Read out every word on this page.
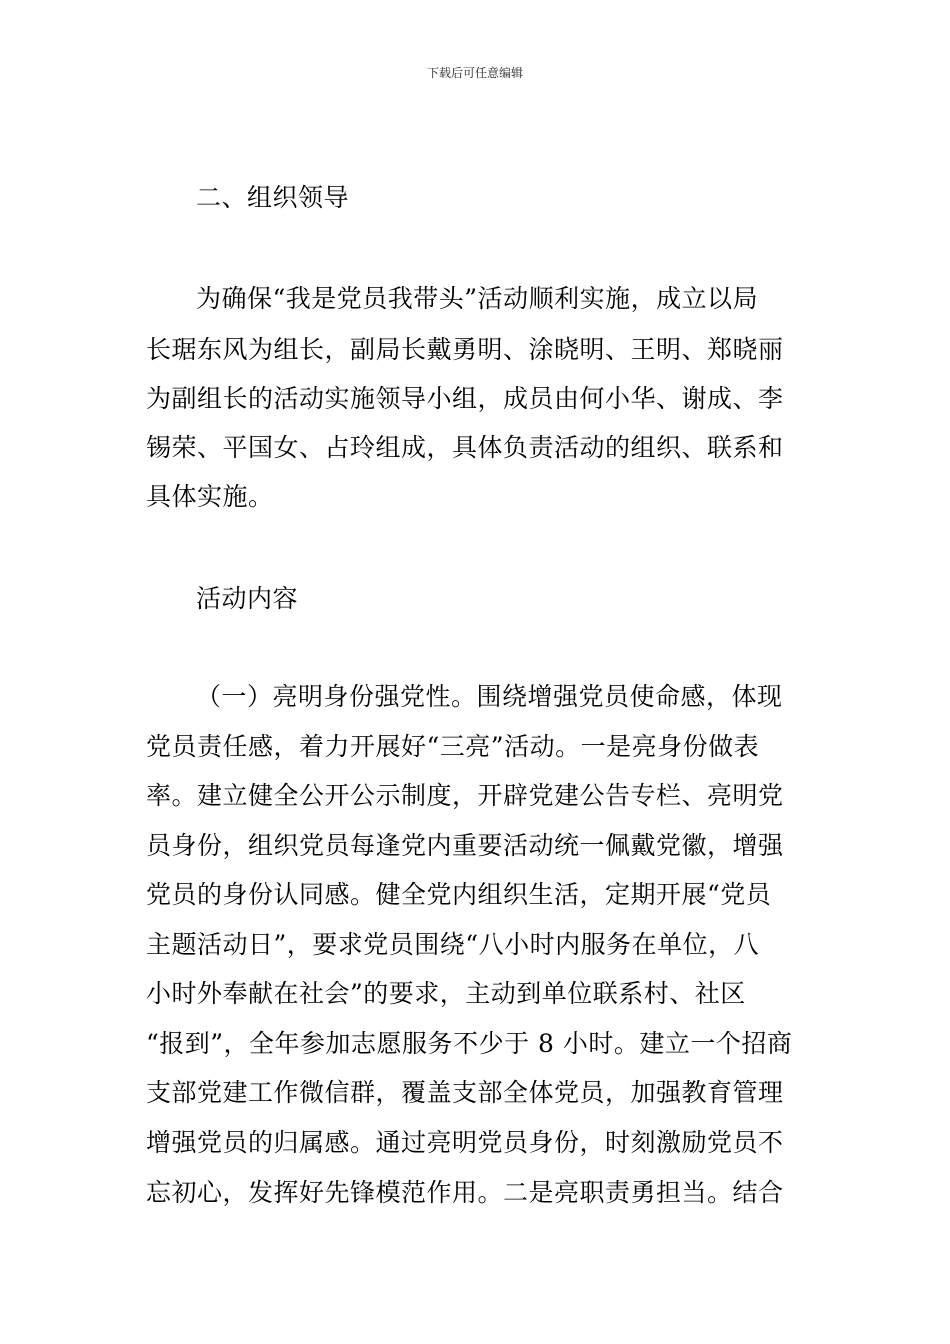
下载后可任意编辑
二、组织领导
为确保“我是党员我带头”活动顺利实施，成立以局
长琚东风为组长，副局长戴勇明、涂晓明、王明、郑晓丽
为副组长的活动实施领导小组，成员由何小华、谢成、李
锡荣、平国女、占玲组成，具体负责活动的组织、联系和
具体实施。
活动内容
（一）亮明身份强党性。围绕增强党员使命感，体现
党员责任感，着力开展好“三亮”活动。一是亮身份做表
率。建立健全公开公示制度，开辟党建公告专栏、亮明党
员身份，组织党员每逢党内重要活动统一佩戴党徽，增强
党员的身份认同感。健全党内组织生活，定期开展“党员
主题活动日”，要求党员围绕“八小时内服务在单位，八
小时外奉献在社会”的要求，主动到单位联系村、社区
“报到”，全年参加志愿服务不少于 8 小时。建立一个招商
支部党建工作微信群，覆盖支部全体党员，加强教育管理
增强党员的归属感。通过亮明党员身份，时刻激励党员不
忘初心，发挥好先锋模范作用。二是亮职责勇担当。结合
